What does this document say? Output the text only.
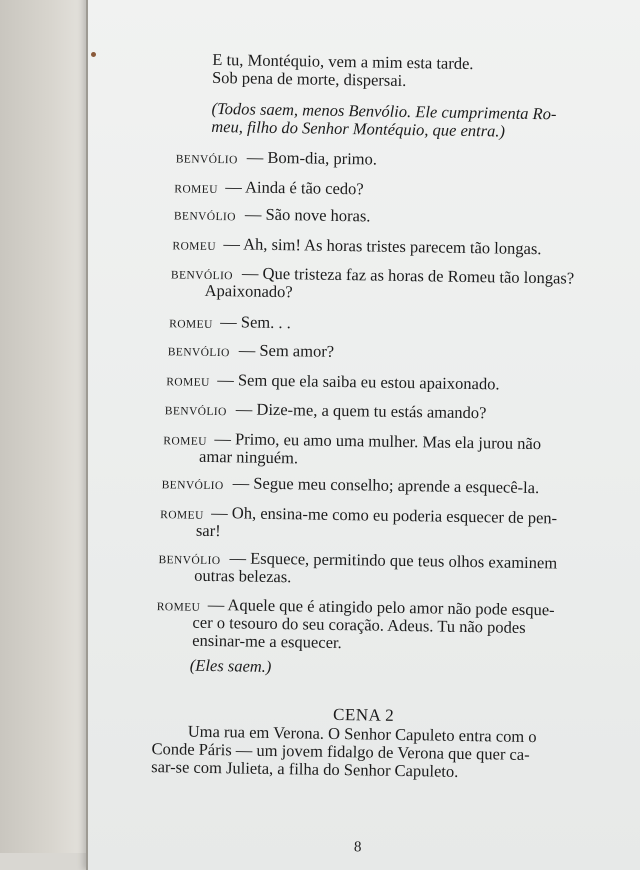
E tu, Montéquio, vem a mim esta tarde.
Sob pena de morte, dispersai.
(Todos saem, menos Benvólio. Ele cumprimenta Ro-
meu, filho do Senhor Montéquio, que entra.)
BENVÓLIO — Bom-dia, primo.
ROMEU — Ainda é tão cedo?
BENVÓLIO — São nove horas.
ROMEU — Ah, sim! As horas tristes parecem tão longas.
BENVÓLIO — Que tristeza faz as horas de Romeu tão longas?
Apaixonado?
ROMEU — Sem. . .
BENVÓLIO — Sem amor?
ROMEU — Sem que ela saiba eu estou apaixonado.
BENVÓLIO — Dize-me, a quem tu estás amando?
ROMEU — Primo, eu amo uma mulher. Mas ela jurou não
amar ninguém.
BENVÓLIO — Segue meu conselho; aprende a esquecê-la.
ROMEU — Oh, ensina-me como eu poderia esquecer de pen-
sar!
BENVÓLIO — Esquece, permitindo que teus olhos examinem
outras belezas.
ROMEU — Aquele que é atingido pelo amor não pode esque-
cer o tesouro do seu coração. Adeus. Tu não podes
ensinar-me a esquecer.
(Eles saem.)
CENA 2
Uma rua em Verona. O Senhor Capuleto entra com o
Conde Páris — um jovem fidalgo de Verona que quer ca-
sar-se com Julieta, a filha do Senhor Capuleto.
8
